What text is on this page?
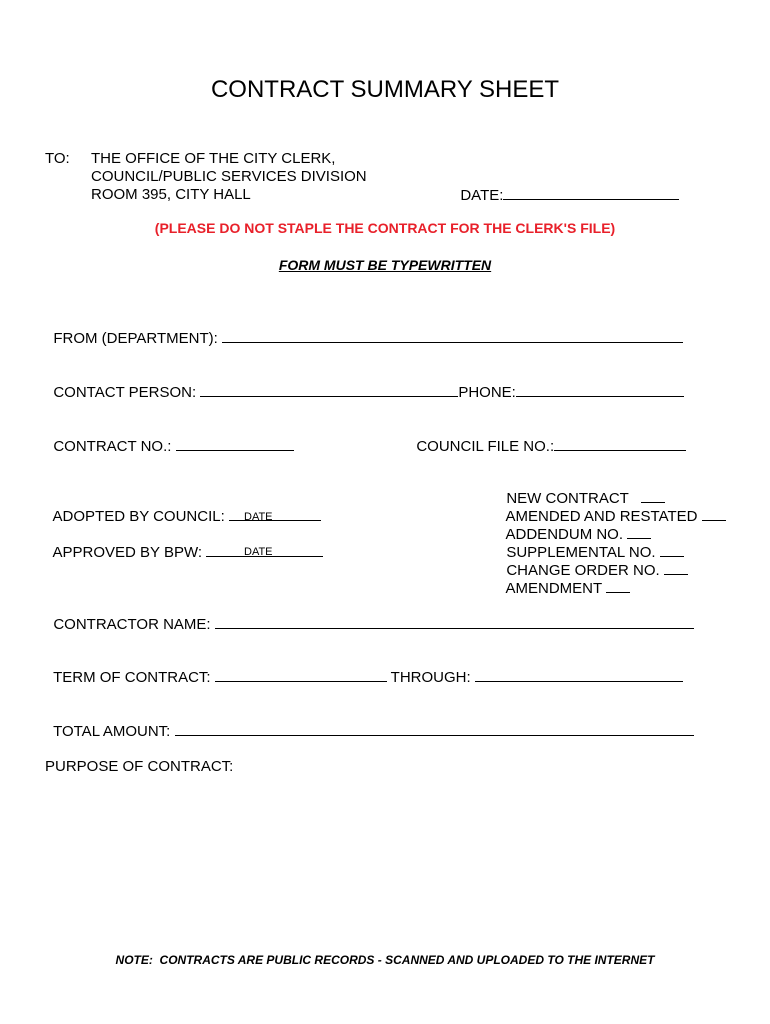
CONTRACT SUMMARY SHEET
TO: THE OFFICE OF THE CITY CLERK,
COUNCIL/PUBLIC SERVICES DIVISION
ROOM 395, CITY HALL	DATE:

(PLEASE DO NOT STAPLE THE CONTRACT FOR THE CLERK'S FILE)
FORM MUST BE TYPEWRITTEN

FROM (DEPARTMENT):

CONTACT PERSON:	PHONE:

CONTRACT NO.:	COUNCIL FILE NO.:

ADOPTED BY COUNCIL:	DATE

APPROVED BY BPW:	DATE

NEW CONTRACT

AMENDED AND RESTATED

ADDENDUM NO.

SUPPLEMENTAL NO.

CHANGE ORDER NO.

AMENDMENT

CONTRACTOR NAME:

TERM OF CONTRACT:	THROUGH:

TOTAL AMOUNT:

PURPOSE OF CONTRACT:
NOTE:  CONTRACTS ARE PUBLIC RECORDS - SCANNED AND UPLOADED TO THE INTERNET
